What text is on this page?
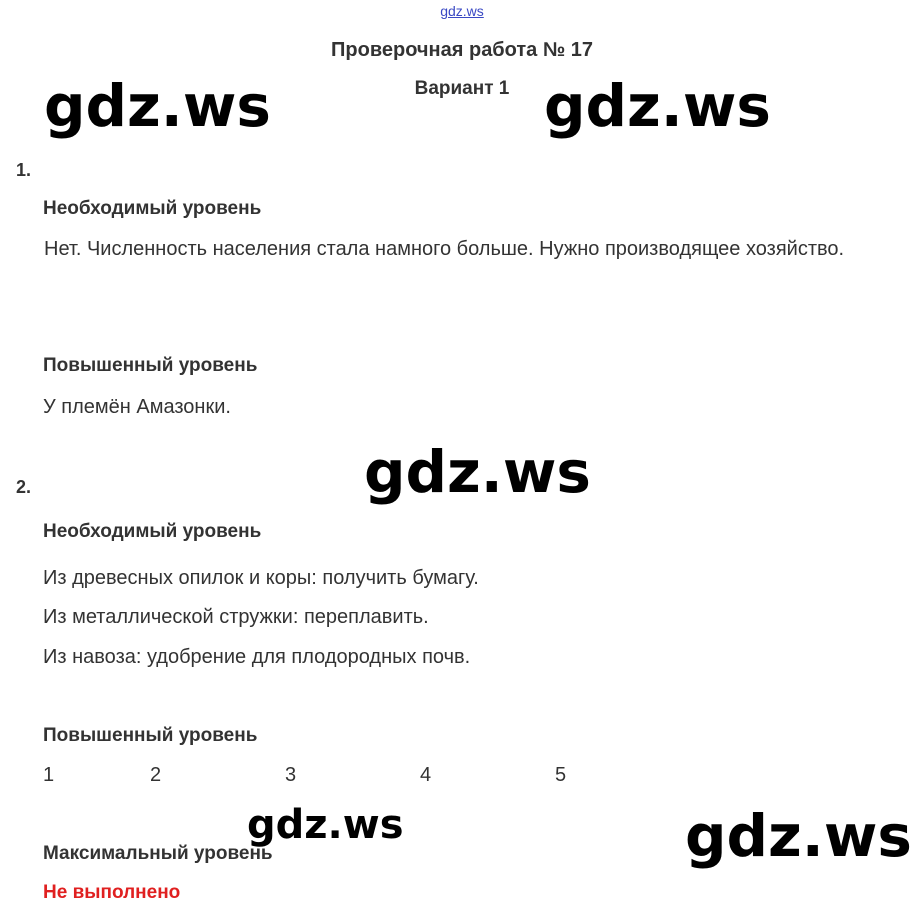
gdz.ws
Проверочная работа № 17
Вариант 1
gdz.ws	gdz.ws
1.
Необходимый уровень
Нет. Численность населения стала намного больше. Нужно производящее хозяйство.
Повышенный уровень
У племён Амазонки.
gdz.ws
2.
Необходимый уровень
Из древесных опилок и коры: получить бумагу.
Из металлической стружки: переплавить.
Из навоза: удобрение для плодородных почв.
Повышенный уровень
1	2	3	4	5
gdz.ws	gdz.ws
Максимальный уровень
Не выполнено
